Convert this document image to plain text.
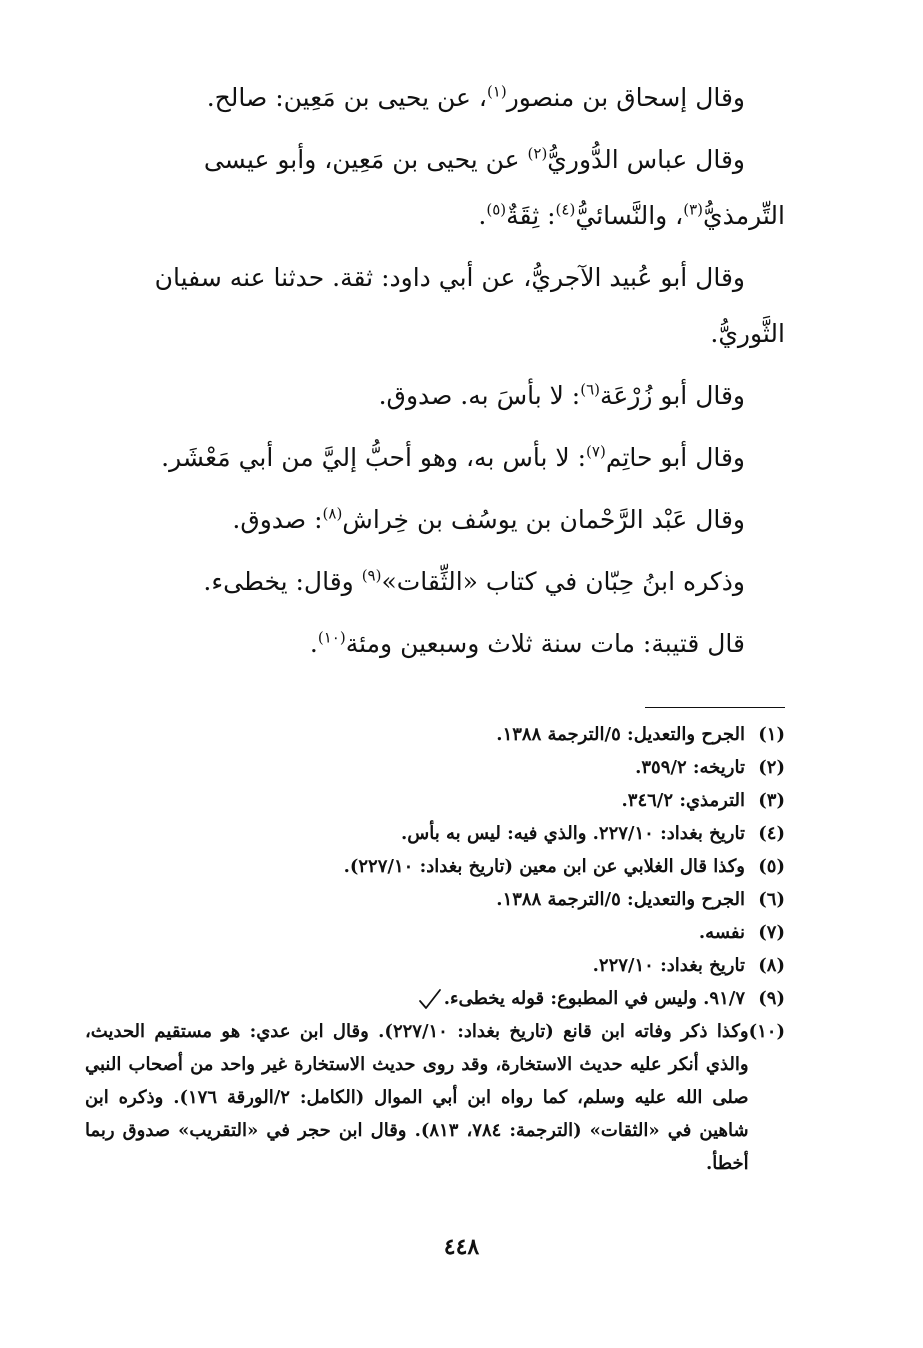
وقال إسحاق بن منصور$^{(١)}$، عن يحيى بن مَعِين: صالح.

وقال عباس الدُّوريُّ$^{(٢)}$ عن يحيى بن مَعِين، وأبو عيسى

التِّرمذيُّ$^{(٣)}$، والنَّسائيُّ$^{(٤)}$: ثِقَةٌ$^{(٥)}$.

وقال أبو عُبيد الآجريُّ، عن أبي داود: ثقة. حدثنا عنه سفيان

الثَّوريُّ.

وقال أبو زُرْعَة$^{(٦)}$: لا بأسَ به. صدوق.

وقال أبو حاتِم$^{(٧)}$: لا بأس به، وهو أحبُّ إليَّ من أبي مَعْشَر.

وقال عَبْد الرَّحْمان بن يوسُف بن خِراش$^{(٨)}$: صدوق.

وذكره ابنُ حِبّان في كتاب «الثِّقات»$^{(٩)}$ وقال: يخطىء.

قال قتيبة: مات سنة ثلاث وسبعين ومئة$^{(١٠)}$.

(١)
الجرح والتعديل: ٥/الترجمة ١٣٨٨.
(٢)
تاريخه: ٣٥٩/٢.
(٣)
الترمذي: ٣٤٦/٢.
(٤)
تاريخ بغداد: ٢٢٧/١٠. والذي فيه: ليس به بأس.
(٥)
وكذا قال الغلابي عن ابن معين (تاريخ بغداد: ٢٢٧/١٠).
(٦)
الجرح والتعديل: ٥/الترجمة ١٣٨٨.
(٧)
نفسه.
(٨)
تاريخ بغداد: ٢٢٧/١٠.
(٩)
٩١/٧. وليس في المطبوع: قوله يخطىء.
(١٠)
وكذا ذكر وفاته ابن قانع (تاريخ بغداد: ٢٢٧/١٠). وقال ابن عدي: هو مستقيم الحديث، والذي أنكر عليه حديث الاستخارة، وقد روى حديث الاستخارة غير واحد من أصحاب النبي صلى الله عليه وسلم، كما رواه ابن أبي الموال (الكامل: ٢/الورقة ١٧٦). وذكره ابن شاهين في «الثقات» (الترجمة: ٧٨٤، ٨١٣). وقال ابن حجر في «التقريب» صدوق ربما أخطأ.
٤٤٨
